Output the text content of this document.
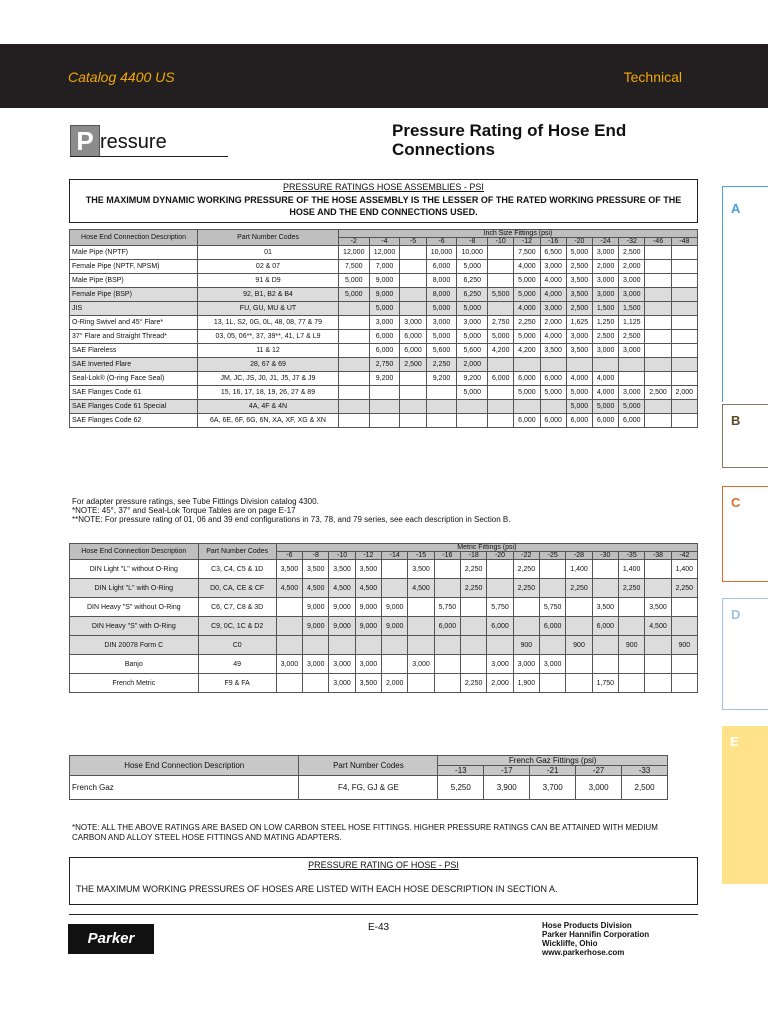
Catalog 4400 US	Technical
P ressure
Pressure Rating of Hose End Connections
A
B
C
D
E
PRESSURE RATINGS HOSE ASSEMBLIES - PSI
THE MAXIMUM DYNAMIC WORKING PRESSURE OF THE HOSE ASSEMBLY IS THE LESSER OF THE RATED WORKING PRESSURE OF THE HOSE AND THE END CONNECTIONS USED.
Hose End Connection Description	Part Number Codes	Inch Size Fittings (psi)												
		-2	-4	-5	-6	-8	-10	-12	-16	-20	-24	-32	-46	-48
Male Pipe (NPTF)	01	12,000	12,000		10,000	10,000		7,500	6,500	5,000	3,000	2,500		
Female Pipe (NPTF, NPSM)	02 & 07	7,500	7,000		6,000	5,000		4,000	3,000	2,500	2,000	2,000		
Male Pipe (BSP)	91 & D9	5,000	9,000		8,000	6,250		5,000	4,000	3,500	3,000	3,000		
Female Pipe (BSP)	92, B1, B2 & B4	5,000	9,000		8,000	6,250	5,500	5,000	4,000	3,500	3,000	3,000		
JIS	FU, GU, MU & UT		5,000		5,000	5,000		4,000	3,000	2,500	1,500	1,500		
O-Ring Swivel and 45° Flare*	13, 1L, S2, 0G, 0L, 48, 08, 77 & 79		3,000	3,000	3,000	3,000	2,750	2,250	2,000	1,625	1,250	1,125		
37° Flare and Straight Thread*	03, 05, 06**, 37, 39**, 41, L7 & L9		6,000	6,000	5,000	5,000	5,000	5,000	4,000	3,000	2,500	2,500		
SAE Flareless	11 & 12		6,000	6,000	5,600	5,600	4,200	4,200	3,500	3,500	3,000	3,000		
SAE Inverted Flare	28, 67 & 69		2,750	2,500	2,250	2,000								
Seal-Lok® (O-ring Face Seal)	JM, JC, JS, J0, J1, J5, J7 & J9		9,200		9,200	9,200	6,000	6,000	6,000	4,000	4,000			
SAE Flanges Code 61	15, 16, 17, 18, 19, 26, 27 & 89					5,000		5,000	5,000	5,000	4,000	3,000	2,500	2,000
SAE Flanges Code 61 Special	4A, 4F & 4N									5,000	5,000	5,000		
SAE Flanges Code 62	6A, 6E, 6F, 6G, 6N, XA, XF, XG & XN							6,000	6,000	6,000	6,000	6,000		
For adapter pressure ratings, see Tube Fittings Division catalog 4300.
*NOTE: 45°, 37° and Seal-Lok Torque Tables are on page E-17
**NOTE: For pressure rating of 01, 06 and 39 end configurations in 73, 78, and 79 series, see each description in Section B.
Hose End Connection Description	Part Number Codes	Metric Fittings (psi)															
		-6	-8	-10	-12	-14	-15	-16	-18	-20	-22	-25	-28	-30	-35	-38	-42
DIN Light "L" without O-Ring	C3, C4, C5 & 1D	3,500	3,500	3,500	3,500		3,500		2,250		2,250		1,400		1,400		1,400
DIN Light "L" with O-Ring	D0, CA, CE & CF	4,500	4,500	4,500	4,500		4,500		2,250		2,250		2,250		2,250		2,250
DIN Heavy "S" without O-Ring	C6, C7, C8 & 3D		9,000	9,000	9,000	9,000		5,750		5,750		5,750		3,500		3,500	
DIN Heavy "S" with O-Ring	C9, 0C, 1C & D2		9,000	9,000	9,000	9,000		6,000		6,000		6,000		6,000		4,500	
DIN 20078 Form C	C0										900		900		900		900
Banjo	49	3,000	3,000	3,000	3,000		3,000			3,000	3,000	3,000					
French Metric	F9 & FA			3,000	3,500	2,000			2,250	2,000	1,900			1,750			
Hose End Connection Description	Part Number Codes	French Gaz Fittings (psi)				
		-13	-17	-21	-27	-33
French Gaz	F4, FG, GJ & GE	5,250	3,900	3,700	3,000	2,500
*NOTE: ALL THE ABOVE RATINGS ARE BASED ON LOW CARBON STEEL HOSE FITTINGS. HIGHER PRESSURE RATINGS CAN BE ATTAINED WITH MEDIUM CARBON AND ALLOY STEEL HOSE FITTINGS AND MATING ADAPTERS.
PRESSURE RATING OF HOSE - PSI
THE MAXIMUM WORKING PRESSURES OF HOSES ARE LISTED WITH EACH HOSE DESCRIPTION IN SECTION A.
Parker
E-43	Hose Products Division
Parker Hannifin Corporation
Wickliffe, Ohio
www.parkerhose.com
